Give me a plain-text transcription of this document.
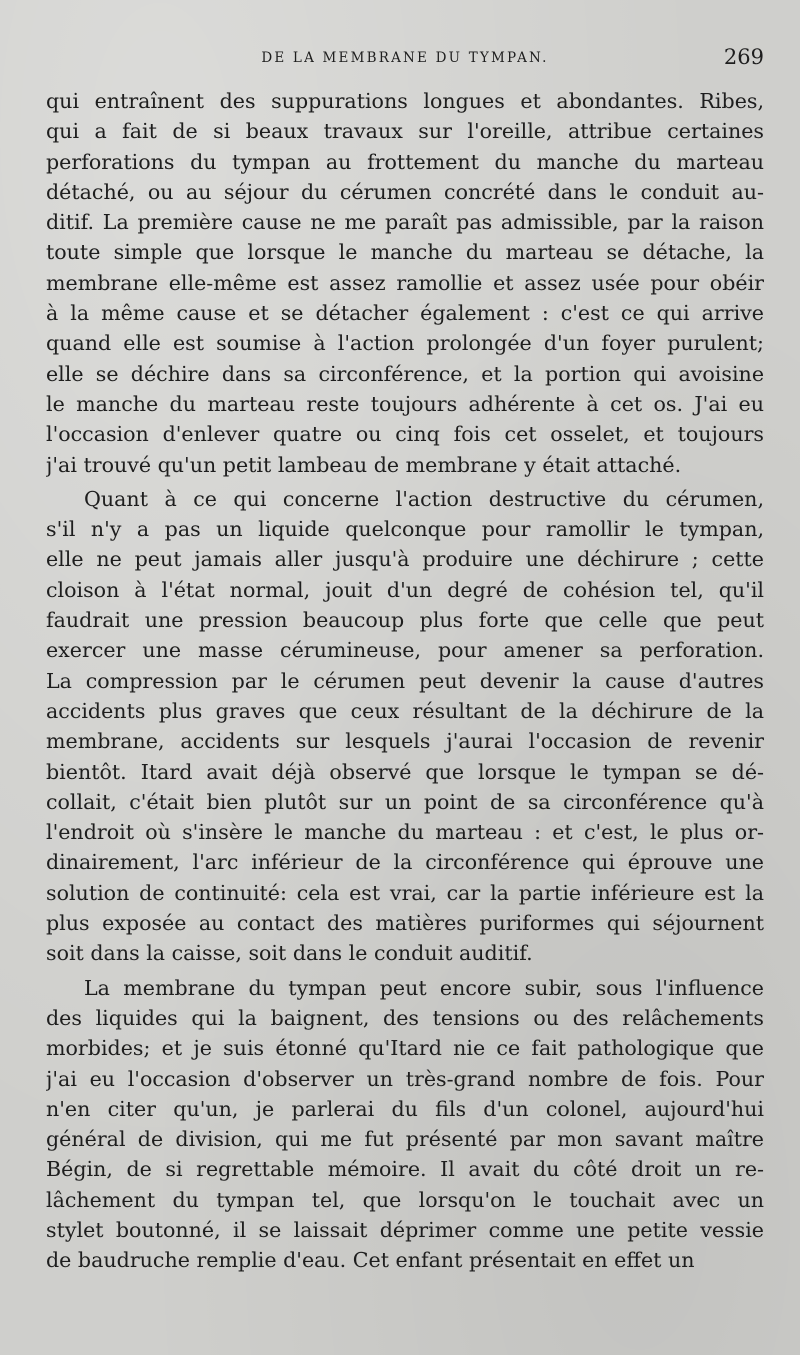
DE LA MEMBRANE DU TYMPAN.	269
qui entraînent des suppurations longues et abondantes. Ribes,
qui a fait de si beaux travaux sur l'oreille, attribue certaines
perforations du tympan au frottement du manche du marteau
détaché, ou au séjour du cérumen concrété dans le conduit au-
ditif. La première cause ne me paraît pas admissible, par la raison
toute simple que lorsque le manche du marteau se détache, la
membrane elle-même est assez ramollie et assez usée pour obéir
à la même cause et se détacher également : c'est ce qui arrive
quand elle est soumise à l'action prolongée d'un foyer purulent;
elle se déchire dans sa circonférence, et la portion qui avoisine
le manche du marteau reste toujours adhérente à cet os. J'ai eu
l'occasion d'enlever quatre ou cinq fois cet osselet, et toujours
j'ai trouvé qu'un petit lambeau de membrane y était attaché.
Quant à ce qui concerne l'action destructive du cérumen,
s'il n'y a pas un liquide quelconque pour ramollir le tympan,
elle ne peut jamais aller jusqu'à produire une déchirure ; cette
cloison à l'état normal, jouit d'un degré de cohésion tel, qu'il
faudrait une pression beaucoup plus forte que celle que peut
exercer une masse cérumineuse, pour amener sa perforation.
La compression par le cérumen peut devenir la cause d'autres
accidents plus graves que ceux résultant de la déchirure de la
membrane, accidents sur lesquels j'aurai l'occasion de revenir
bientôt. Itard avait déjà observé que lorsque le tympan se dé-
collait, c'était bien plutôt sur un point de sa circonférence qu'à
l'endroit où s'insère le manche du marteau : et c'est, le plus or-
dinairement, l'arc inférieur de la circonférence qui éprouve une
solution de continuité: cela est vrai, car la partie inférieure est la
plus exposée au contact des matières puriformes qui séjournent
soit dans la caisse, soit dans le conduit auditif.
La membrane du tympan peut encore subir, sous l'influence
des liquides qui la baignent, des tensions ou des relâchements
morbides; et je suis étonné qu'Itard nie ce fait pathologique que
j'ai eu l'occasion d'observer un très-grand nombre de fois. Pour
n'en citer qu'un, je parlerai du fils d'un colonel, aujourd'hui
général de division, qui me fut présenté par mon savant maître
Bégin, de si regrettable mémoire. Il avait du côté droit un re-
lâchement du tympan tel, que lorsqu'on le touchait avec un
stylet boutonné, il se laissait déprimer comme une petite vessie
de baudruche remplie d'eau. Cet enfant présentait en effet un
